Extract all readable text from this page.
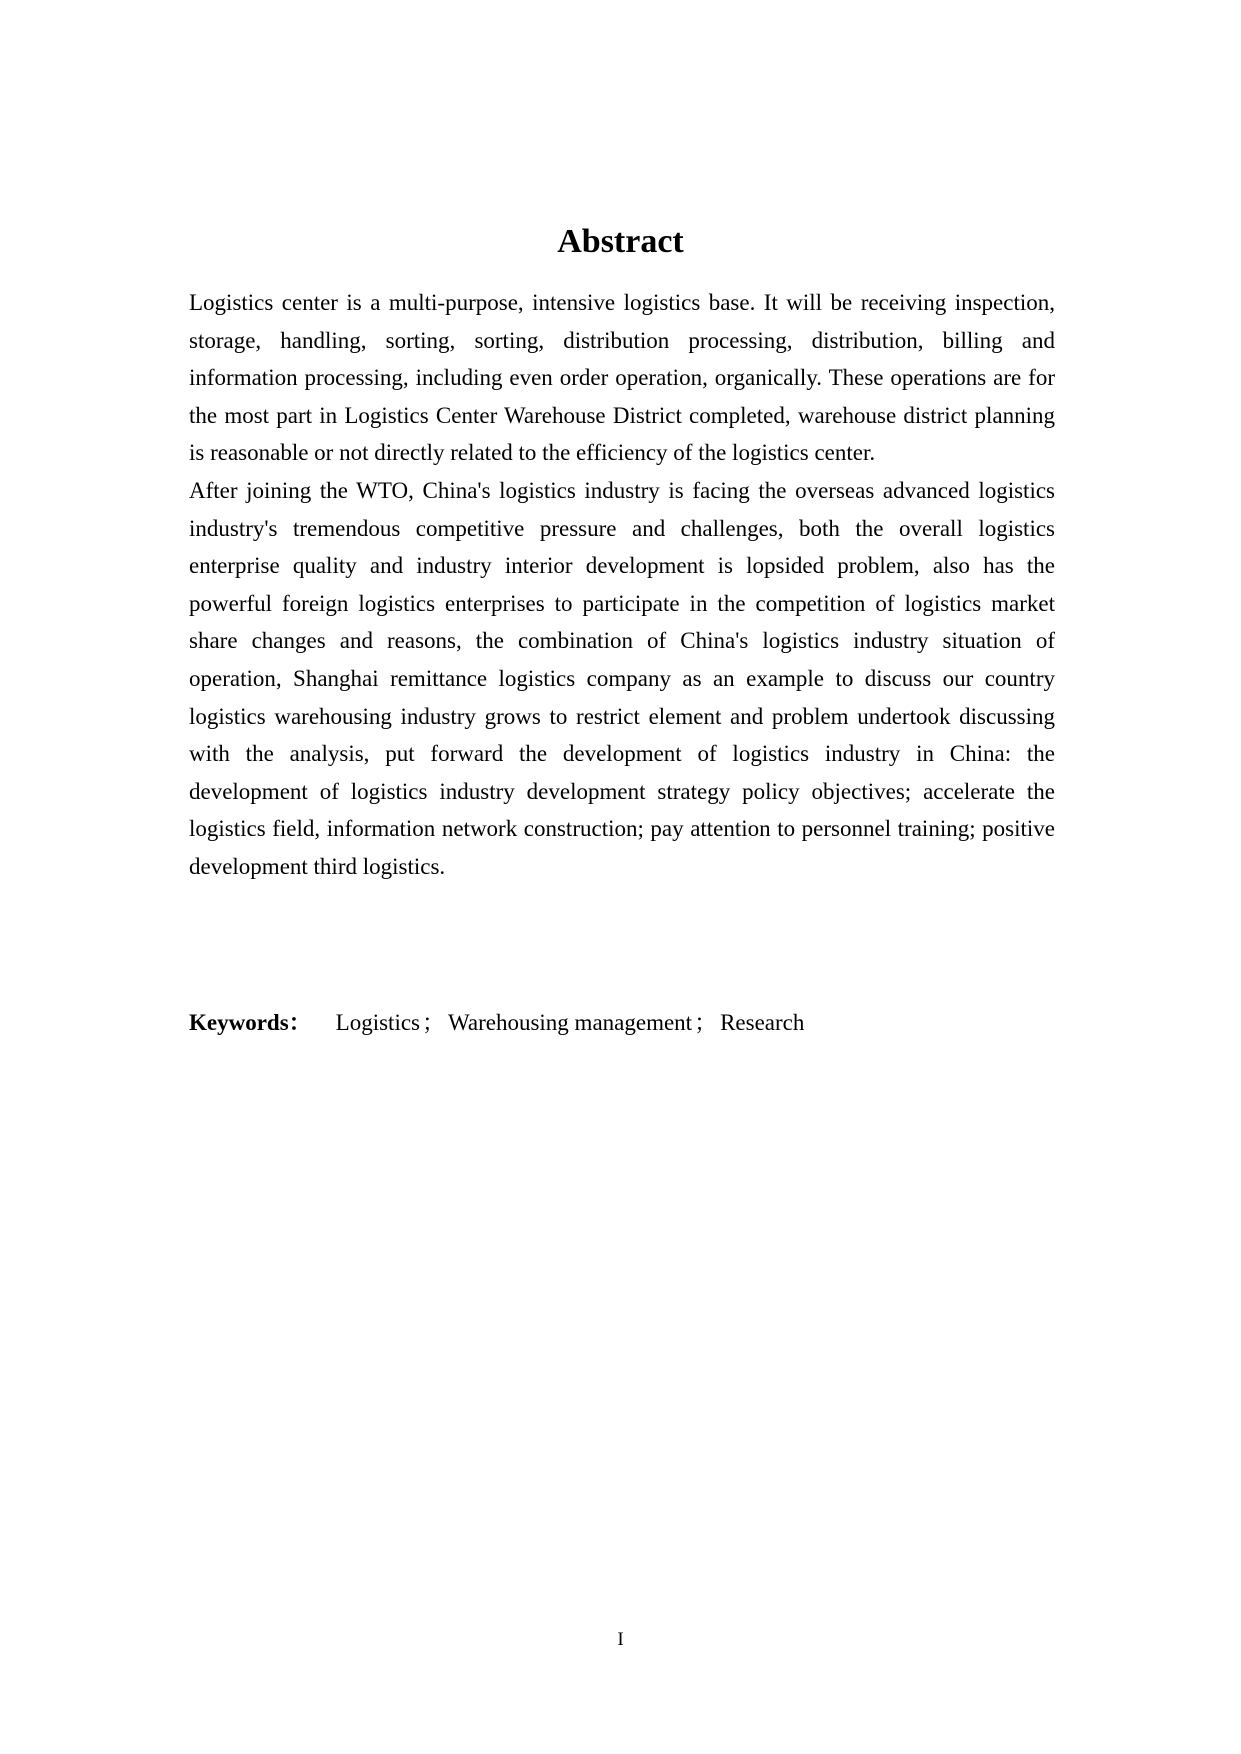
Abstract

Logistics center is a multi-purpose, intensive logistics base. It will be receiving inspection, storage, handling, sorting, sorting, distribution processing, distribution, billing and information processing, including even order operation, organically. These operations are for the most part in Logistics Center Warehouse District completed, warehouse district planning is reasonable or not directly related to the efficiency of the logistics center.

After joining the WTO, China's logistics industry is facing the overseas advanced logistics industry's tremendous competitive pressure and challenges, both the overall logistics enterprise quality and industry interior development is lopsided problem, also has the powerful foreign logistics enterprises to participate in the competition of logistics market share changes and reasons, the combination of China's logistics industry situation of operation, Shanghai remittance logistics company as an example to discuss our country logistics warehousing industry grows to restrict element and problem undertook discussing with the analysis, put forward the development of logistics industry in China: the development of logistics industry development strategy policy objectives; accelerate the logistics field, information network construction; pay attention to personnel training; positive development third logistics.

Keywords： Logistics； Warehousing management； Research

I
